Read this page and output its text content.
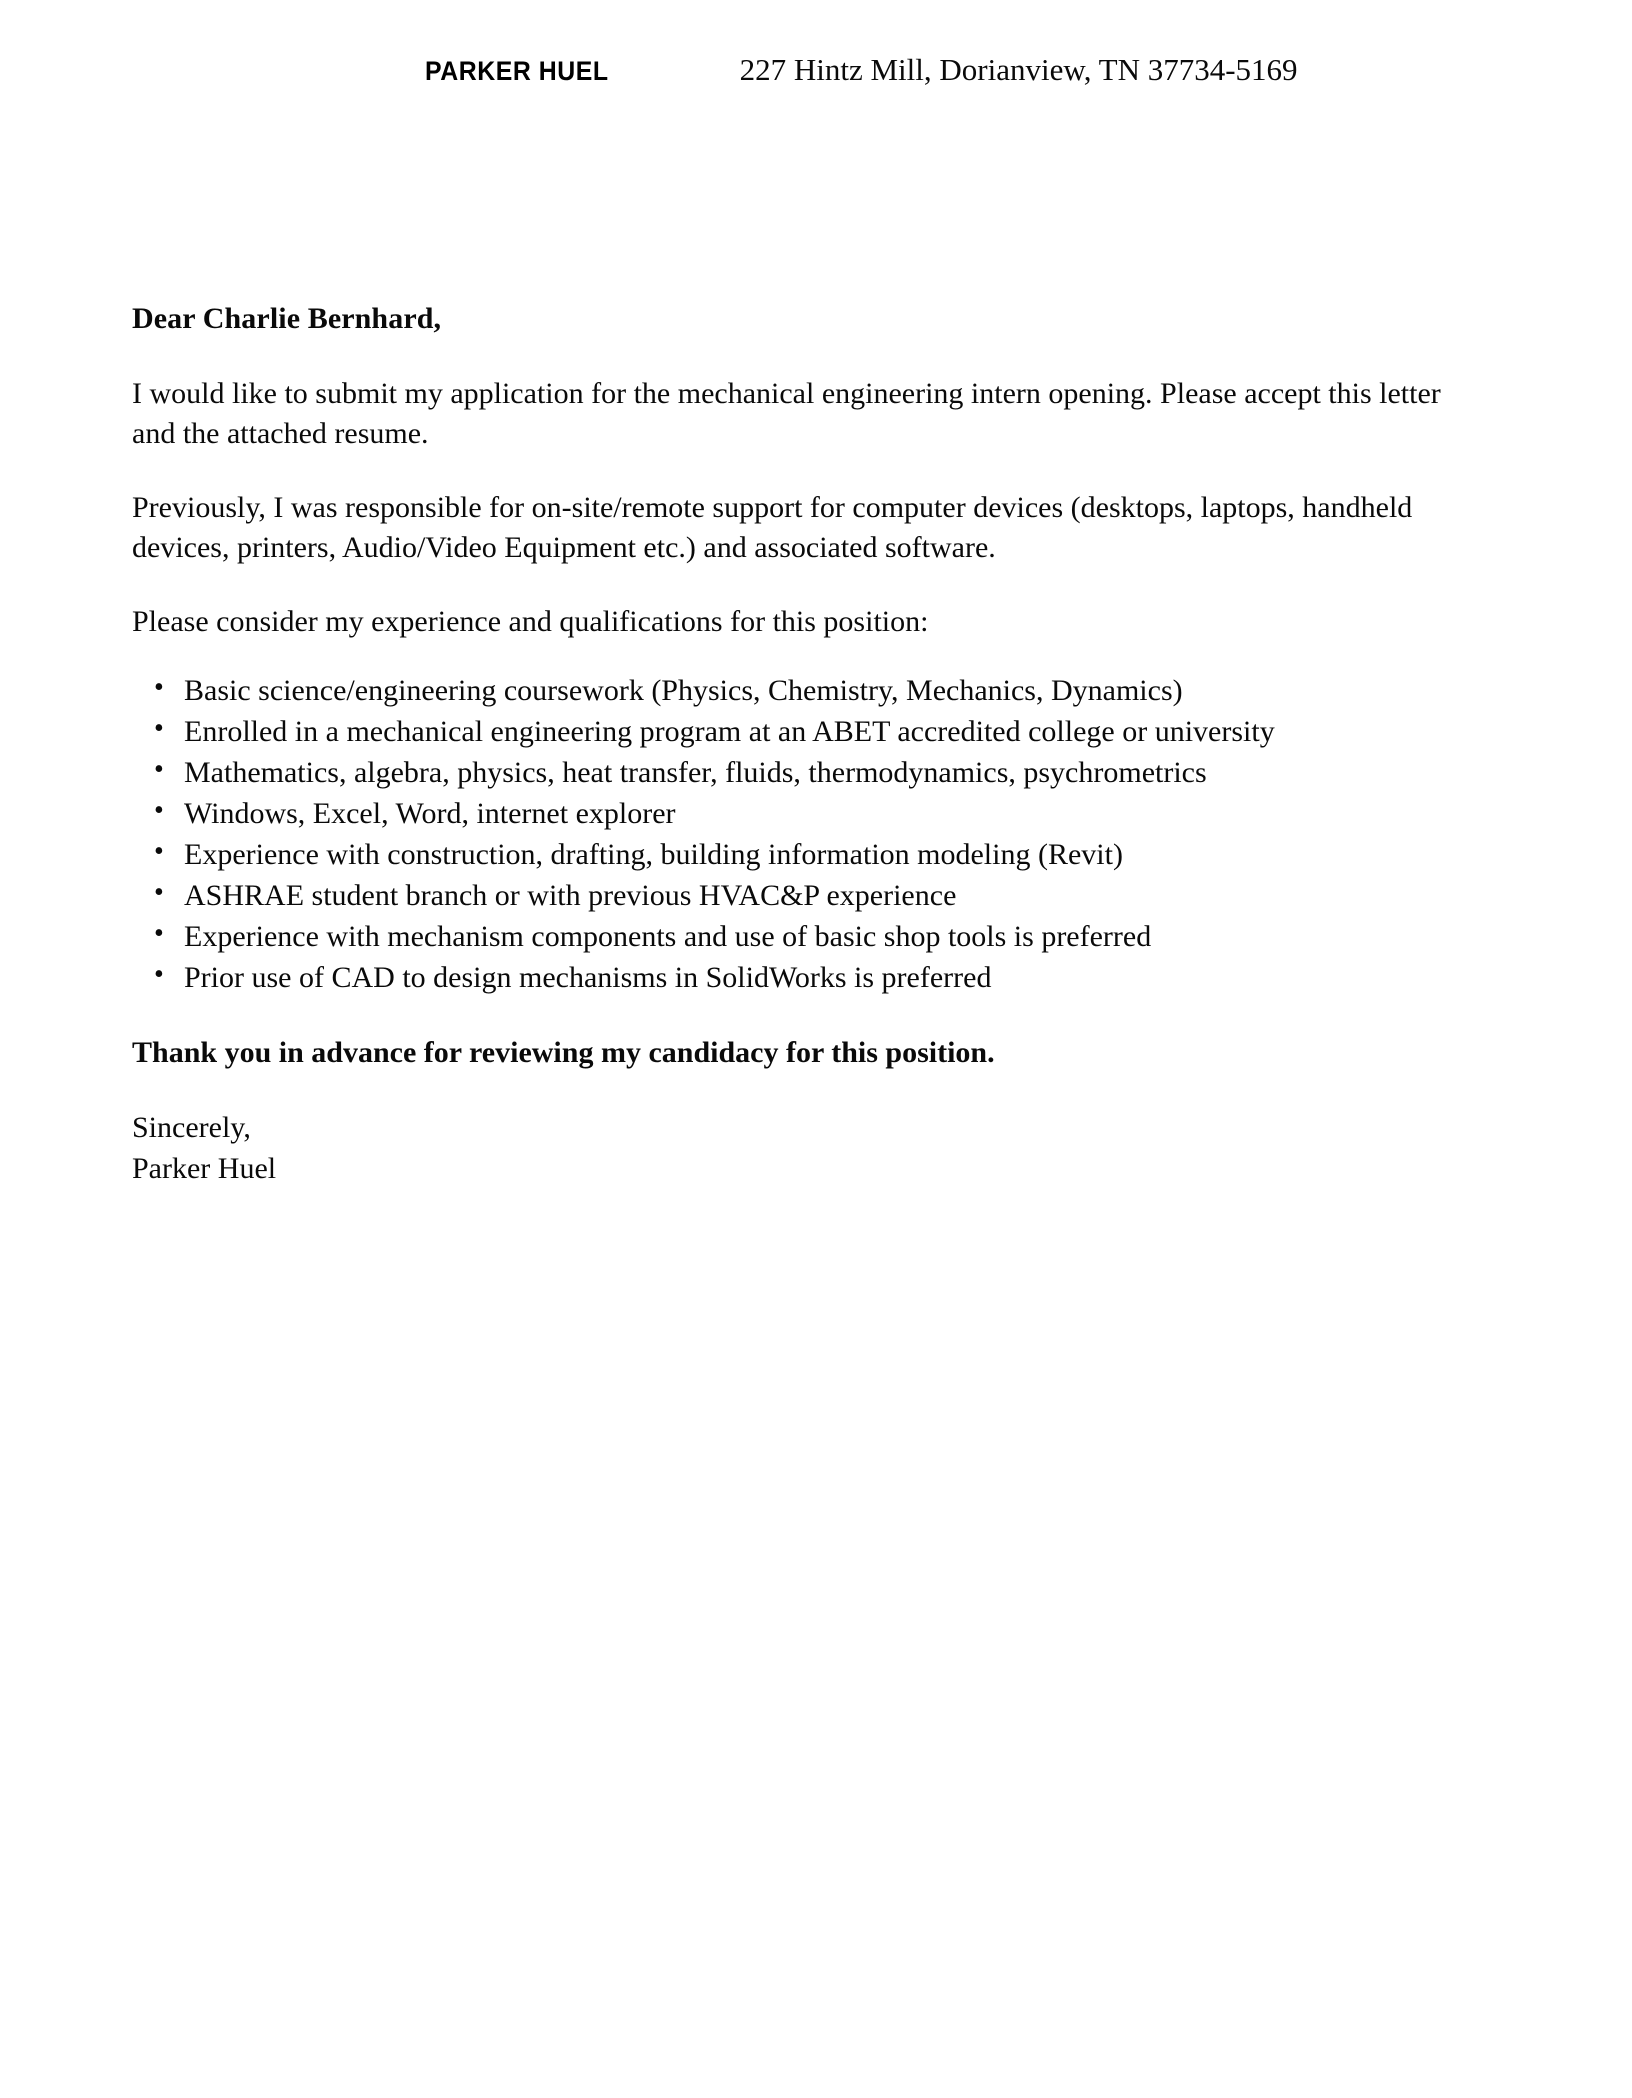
PARKER HUEL	227 Hintz Mill, Dorianview, TN 37734-5169

Dear Charlie Bernhard,

I would like to submit my application for the mechanical engineering intern opening. Please accept this letter and the attached resume.

Previously, I was responsible for on-site/remote support for computer devices (desktops, laptops, handheld devices, printers, Audio/Video Equipment etc.) and associated software.

Please consider my experience and qualifications for this position:

• Basic science/engineering coursework (Physics, Chemistry, Mechanics, Dynamics)
• Enrolled in a mechanical engineering program at an ABET accredited college or university
• Mathematics, algebra, physics, heat transfer, fluids, thermodynamics, psychrometrics
• Windows, Excel, Word, internet explorer
• Experience with construction, drafting, building information modeling (Revit)
• ASHRAE student branch or with previous HVAC&P experience
• Experience with mechanism components and use of basic shop tools is preferred
• Prior use of CAD to design mechanisms in SolidWorks is preferred

Thank you in advance for reviewing my candidacy for this position.

Sincerely,
Parker Huel
